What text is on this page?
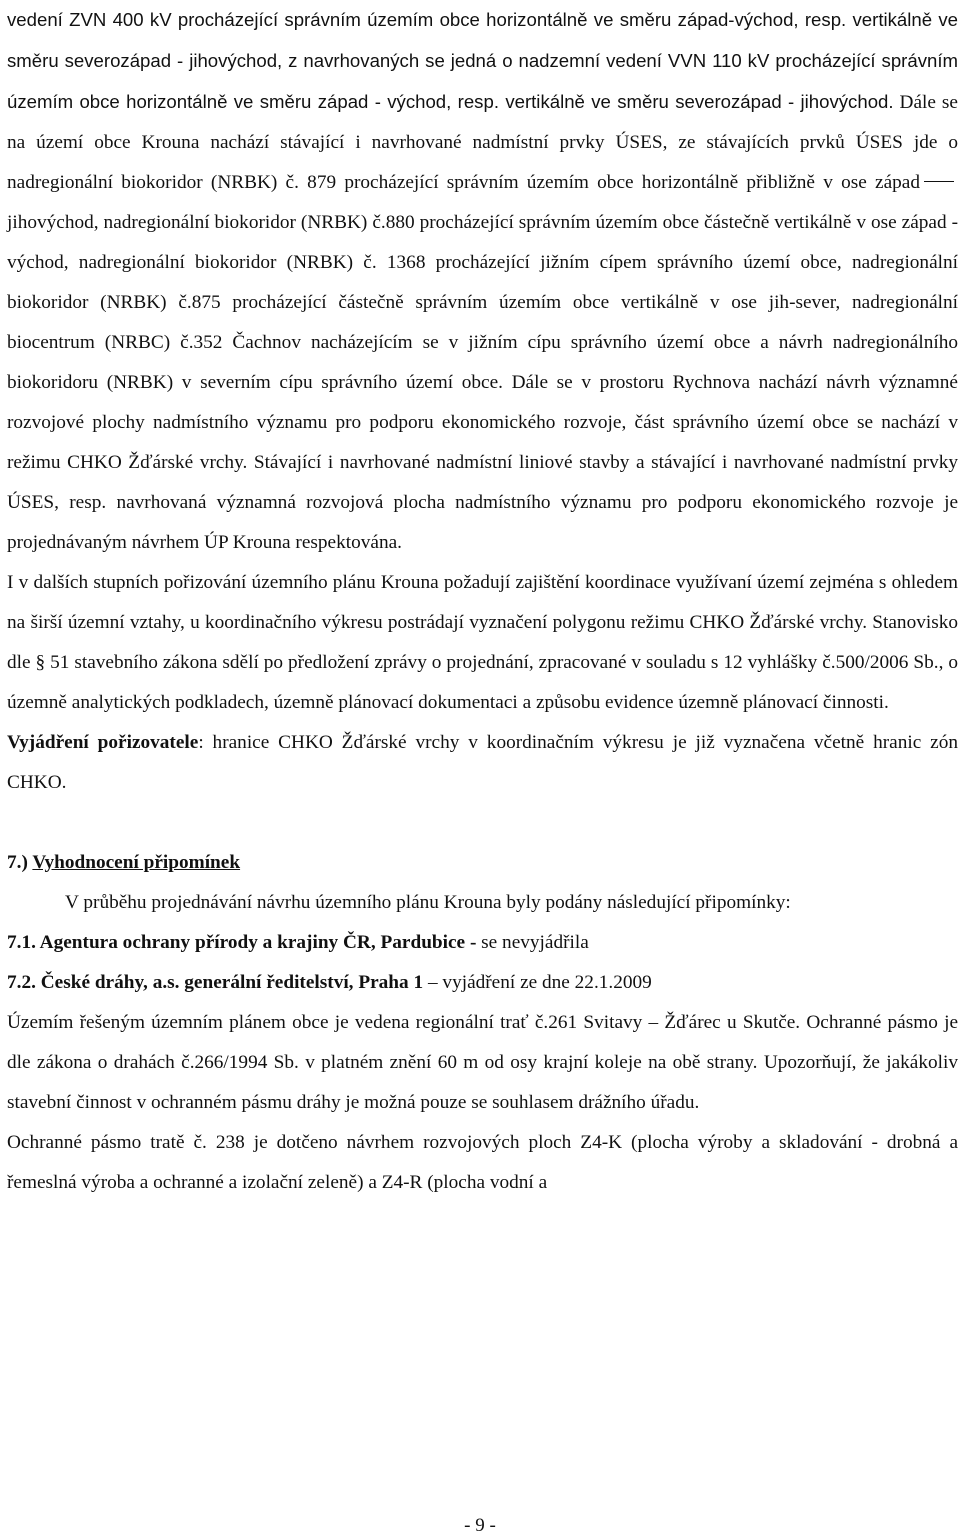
vedení ZVN 400 kV procházející správním územím obce horizontálně ve směru západ-východ, resp. vertikálně ve směru severozápad - jihovýchod, z navrhovaných se jedná o nadzemní vedení VVN 110 kV procházející správním územím obce horizontálně ve směru západ - východ, resp. vertikálně ve směru severozápad - jihovýchod. Dále se na území obce Krouna nachází stávající i navrhované nadmístní prvky ÚSES, ze stávajících prvků ÚSES jde o nadregionální biokoridor (NRBK) č. 879 procházející správním územím obce horizontálně přibližně v ose západjihovýchod, nadregionální biokoridor (NRBK) č.880 procházející správním územím obce částečně vertikálně v ose západ - východ, nadregionální biokoridor (NRBK) č. 1368 procházející jižním cípem správního území obce, nadregionální biokoridor (NRBK) č.875 procházející částečně správním územím obce vertikálně v ose jih-sever, nadregionální biocentrum (NRBC) č.352 Čachnov nacházejícím se v jižním cípu správního území obce a návrh nadregionálního biokoridoru (NRBK) v severním cípu správního území obce. Dále se v prostoru Rychnova nachází návrh významné rozvojové plochy nadmístního významu pro podporu ekonomického rozvoje, část správního území obce se nachází v režimu CHKO Žďárské vrchy. Stávající i navrhované nadmístní liniové stavby a stávající i navrhované nadmístní prvky ÚSES, resp. navrhovaná významná rozvojová plocha nadmístního významu pro podporu ekonomického rozvoje je projednávaným návrhem ÚP Krouna respektována.

I v dalších stupních pořizování územního plánu Krouna požadují zajištění koordinace využívaní území zejména s ohledem na širší územní vztahy, u koordinačního výkresu postrádají vyznačení polygonu režimu CHKO Žďárské vrchy. Stanovisko dle § 51 stavebního zákona sdělí po předložení zprávy o projednání, zpracované v souladu s 12 vyhlášky č.500/2006 Sb., o územně analytických podkladech, územně plánovací dokumentaci a způsobu evidence územně plánovací činnosti.

Vyjádření pořizovatele: hranice CHKO Žďárské vrchy v koordinačním výkresu je již vyznačena včetně hranic zón CHKO.

7.) Vyhodnocení připomínek

V průběhu projednávání návrhu územního plánu Krouna byly podány následující připomínky:

7.1. Agentura ochrany přírody a krajiny ČR, Pardubice - se nevyjádřila

7.2. České dráhy, a.s. generální ředitelství, Praha 1 – vyjádření ze dne 22.1.2009

Územím řešeným územním plánem obce je vedena regionální trať č.261 Svitavy – Žďárec u Skutče. Ochranné pásmo je dle zákona o drahách č.266/1994 Sb. v platném znění 60 m od osy krajní koleje na obě strany. Upozorňují, že jakákoliv stavební činnost v ochranném pásmu dráhy je možná pouze se souhlasem drážního úřadu.

Ochranné pásmo tratě č. 238 je dotčeno návrhem rozvojových ploch Z4-K (plocha výroby a skladování - drobná a řemeslná výroba a ochranné a izolační zeleně) a Z4-R (plocha vodní a

- 9 -
